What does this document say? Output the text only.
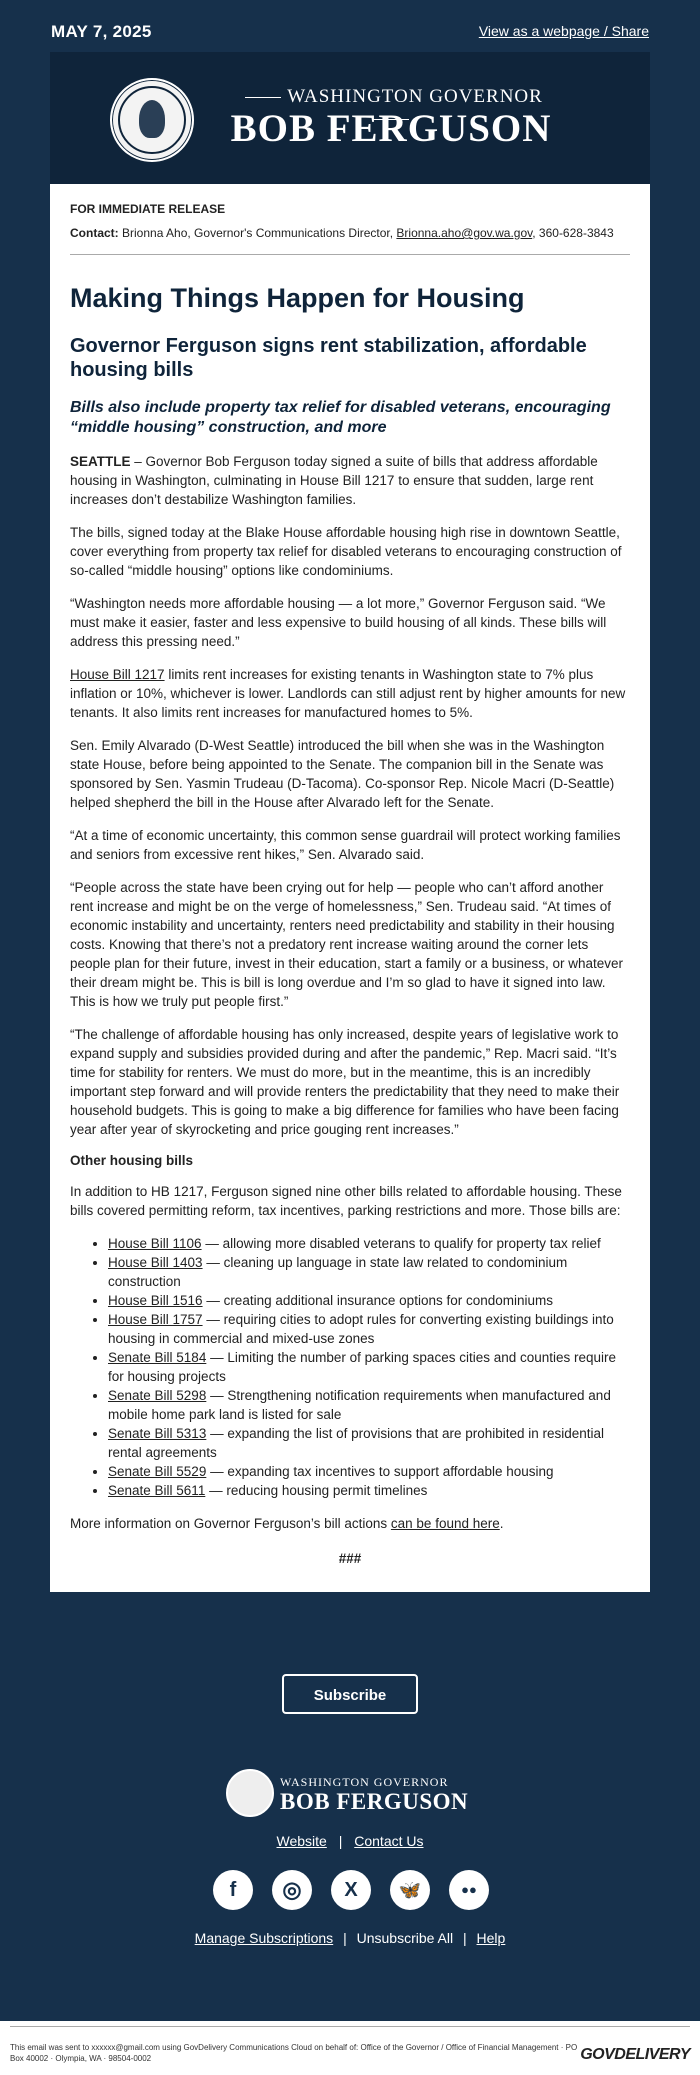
MAY 7, 2025	View as a webpage / Share
WASHINGTON GOVERNOR
BOB FERGUSON
FOR IMMEDIATE RELEASE
Contact: Brionna Aho, Governor's Communications Director, Brionna.aho@gov.wa.gov, 360-628-3843
Making Things Happen for Housing
Governor Ferguson signs rent stabilization, affordable housing bills
Bills also include property tax relief for disabled veterans, encouraging “middle housing” construction, and more

SEATTLE – Governor Bob Ferguson today signed a suite of bills that address affordable housing in Washington, culminating in House Bill 1217 to ensure that sudden, large rent increases don’t destabilize Washington families.

The bills, signed today at the Blake House affordable housing high rise in downtown Seattle, cover everything from property tax relief for disabled veterans to encouraging construction of so-called “middle housing” options like condominiums.

“Washington needs more affordable housing — a lot more,” Governor Ferguson said. “We must make it easier, faster and less expensive to build housing of all kinds. These bills will address this pressing need.”

House Bill 1217 limits rent increases for existing tenants in Washington state to 7% plus inflation or 10%, whichever is lower. Landlords can still adjust rent by higher amounts for new tenants. It also limits rent increases for manufactured homes to 5%.

Sen. Emily Alvarado (D-West Seattle) introduced the bill when she was in the Washington state House, before being appointed to the Senate. The companion bill in the Senate was sponsored by Sen. Yasmin Trudeau (D-Tacoma). Co-sponsor Rep. Nicole Macri (D-Seattle) helped shepherd the bill in the House after Alvarado left for the Senate.

“At a time of economic uncertainty, this common sense guardrail will protect working families and seniors from excessive rent hikes,” Sen. Alvarado said.

“People across the state have been crying out for help — people who can’t afford another rent increase and might be on the verge of homelessness,” Sen. Trudeau said. “At times of economic instability and uncertainty, renters need predictability and stability in their housing costs. Knowing that there’s not a predatory rent increase waiting around the corner lets people plan for their future, invest in their education, start a family or a business, or whatever their dream might be. This is bill is long overdue and I’m so glad to have it signed into law. This is how we truly put people first.”

“The challenge of affordable housing has only increased, despite years of legislative work to expand supply and subsidies provided during and after the pandemic,” Rep. Macri said. “It’s time for stability for renters. We must do more, but in the meantime, this is an incredibly important step forward and will provide renters the predictability that they need to make their household budgets. This is going to make a big difference for families who have been facing year after year of skyrocketing and price gouging rent increases.”

Other housing bills

In addition to HB 1217, Ferguson signed nine other bills related to affordable housing. These bills covered permitting reform, tax incentives, parking restrictions and more. Those bills are:

• House Bill 1106 — allowing more disabled veterans to qualify for property tax relief
• House Bill 1403 — cleaning up language in state law related to condominium construction
• House Bill 1516 — creating additional insurance options for condominiums
• House Bill 1757 — requiring cities to adopt rules for converting existing buildings into housing in commercial and mixed-use zones
• Senate Bill 5184 — Limiting the number of parking spaces cities and counties require for housing projects
• Senate Bill 5298 — Strengthening notification requirements when manufactured and mobile home park land is listed for sale
• Senate Bill 5313 — expanding the list of provisions that are prohibited in residential rental agreements
• Senate Bill 5529 — expanding tax incentives to support affordable housing
• Senate Bill 5611 — reducing housing permit timelines

More information on Governor Ferguson’s bill actions can be found here.

###
Subscribe
WASHINGTON GOVERNOR
BOB FERGUSON
Website | Contact Us
f	◎	X	🦋	●●
Manage Subscriptions | Unsubscribe All | Help
This email was sent to xxxxxx@gmail.com using GovDelivery Communications Cloud on behalf of: Office of the Governor / Office of Financial Management · PO Box 40002 · Olympia, WA · 98504-0002	GOVDELIVERY
